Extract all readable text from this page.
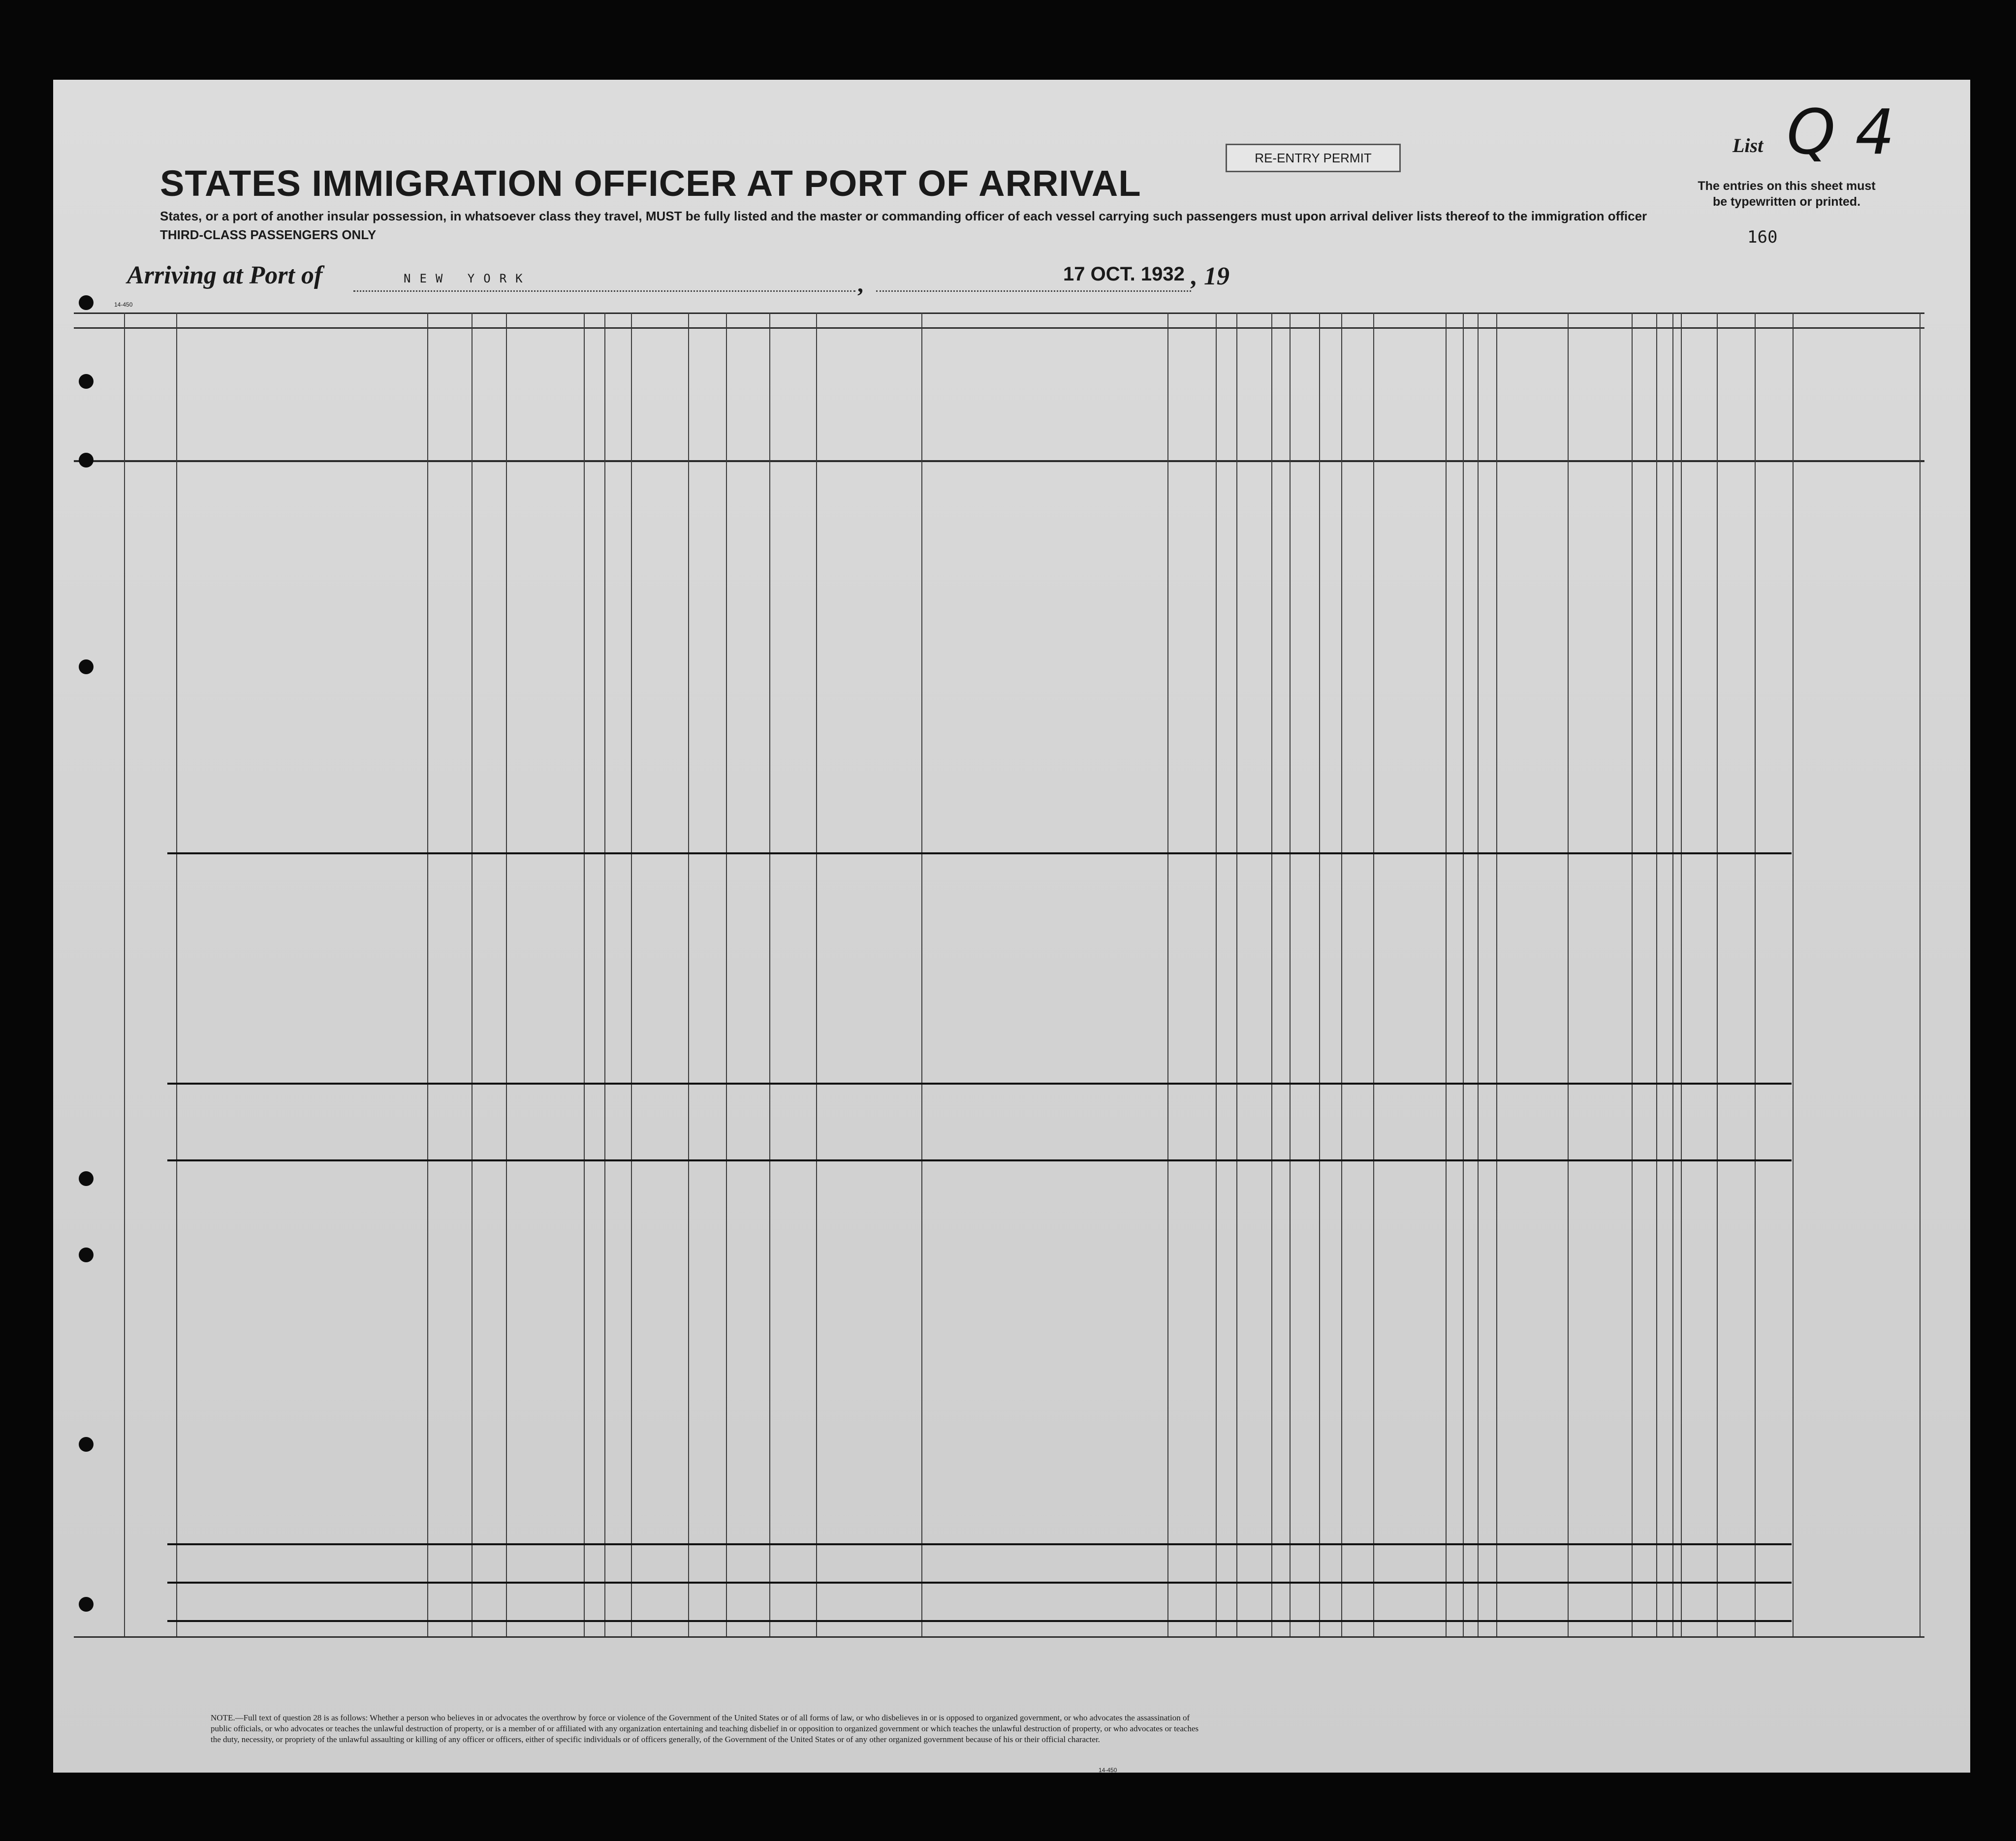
STATES IMMIGRATION OFFICER AT PORT OF ARRIVAL
States, or a port of another insular possession, in whatsoever class they travel, MUST be fully listed and the master or commanding officer of each vessel carrying such passengers must upon arrival deliver lists thereof to the immigration officer
THIRD-CLASS PASSENGERS ONLY
RE-ENTRY PERMIT
List Q 4
The entries on this sheet must be typewritten or printed.
160
14-450
Arriving at Port of	NEW YORK	,	17 OCT. 1932 , 19
NOTE.—Full text of question 28 is as follows: Whether a person who believes in or advocates the overthrow by force or violence of the Government of the United States or of all forms of law, or who disbelieves in or is opposed to organized government, or who advocates the assassination of public officials, or who advocates or teaches the unlawful destruction of property, or is a member of or affiliated with any organization entertaining and teaching disbelief in or opposition to organized government or which teaches the unlawful destruction of property, or who advocates or teaches the duty, necessity, or propriety of the unlawful assaulting or killing of any officer or officers, either of specific individuals or of officers generally, of the Government of the United States or of any other organized government because of his or their official character.
14-450
